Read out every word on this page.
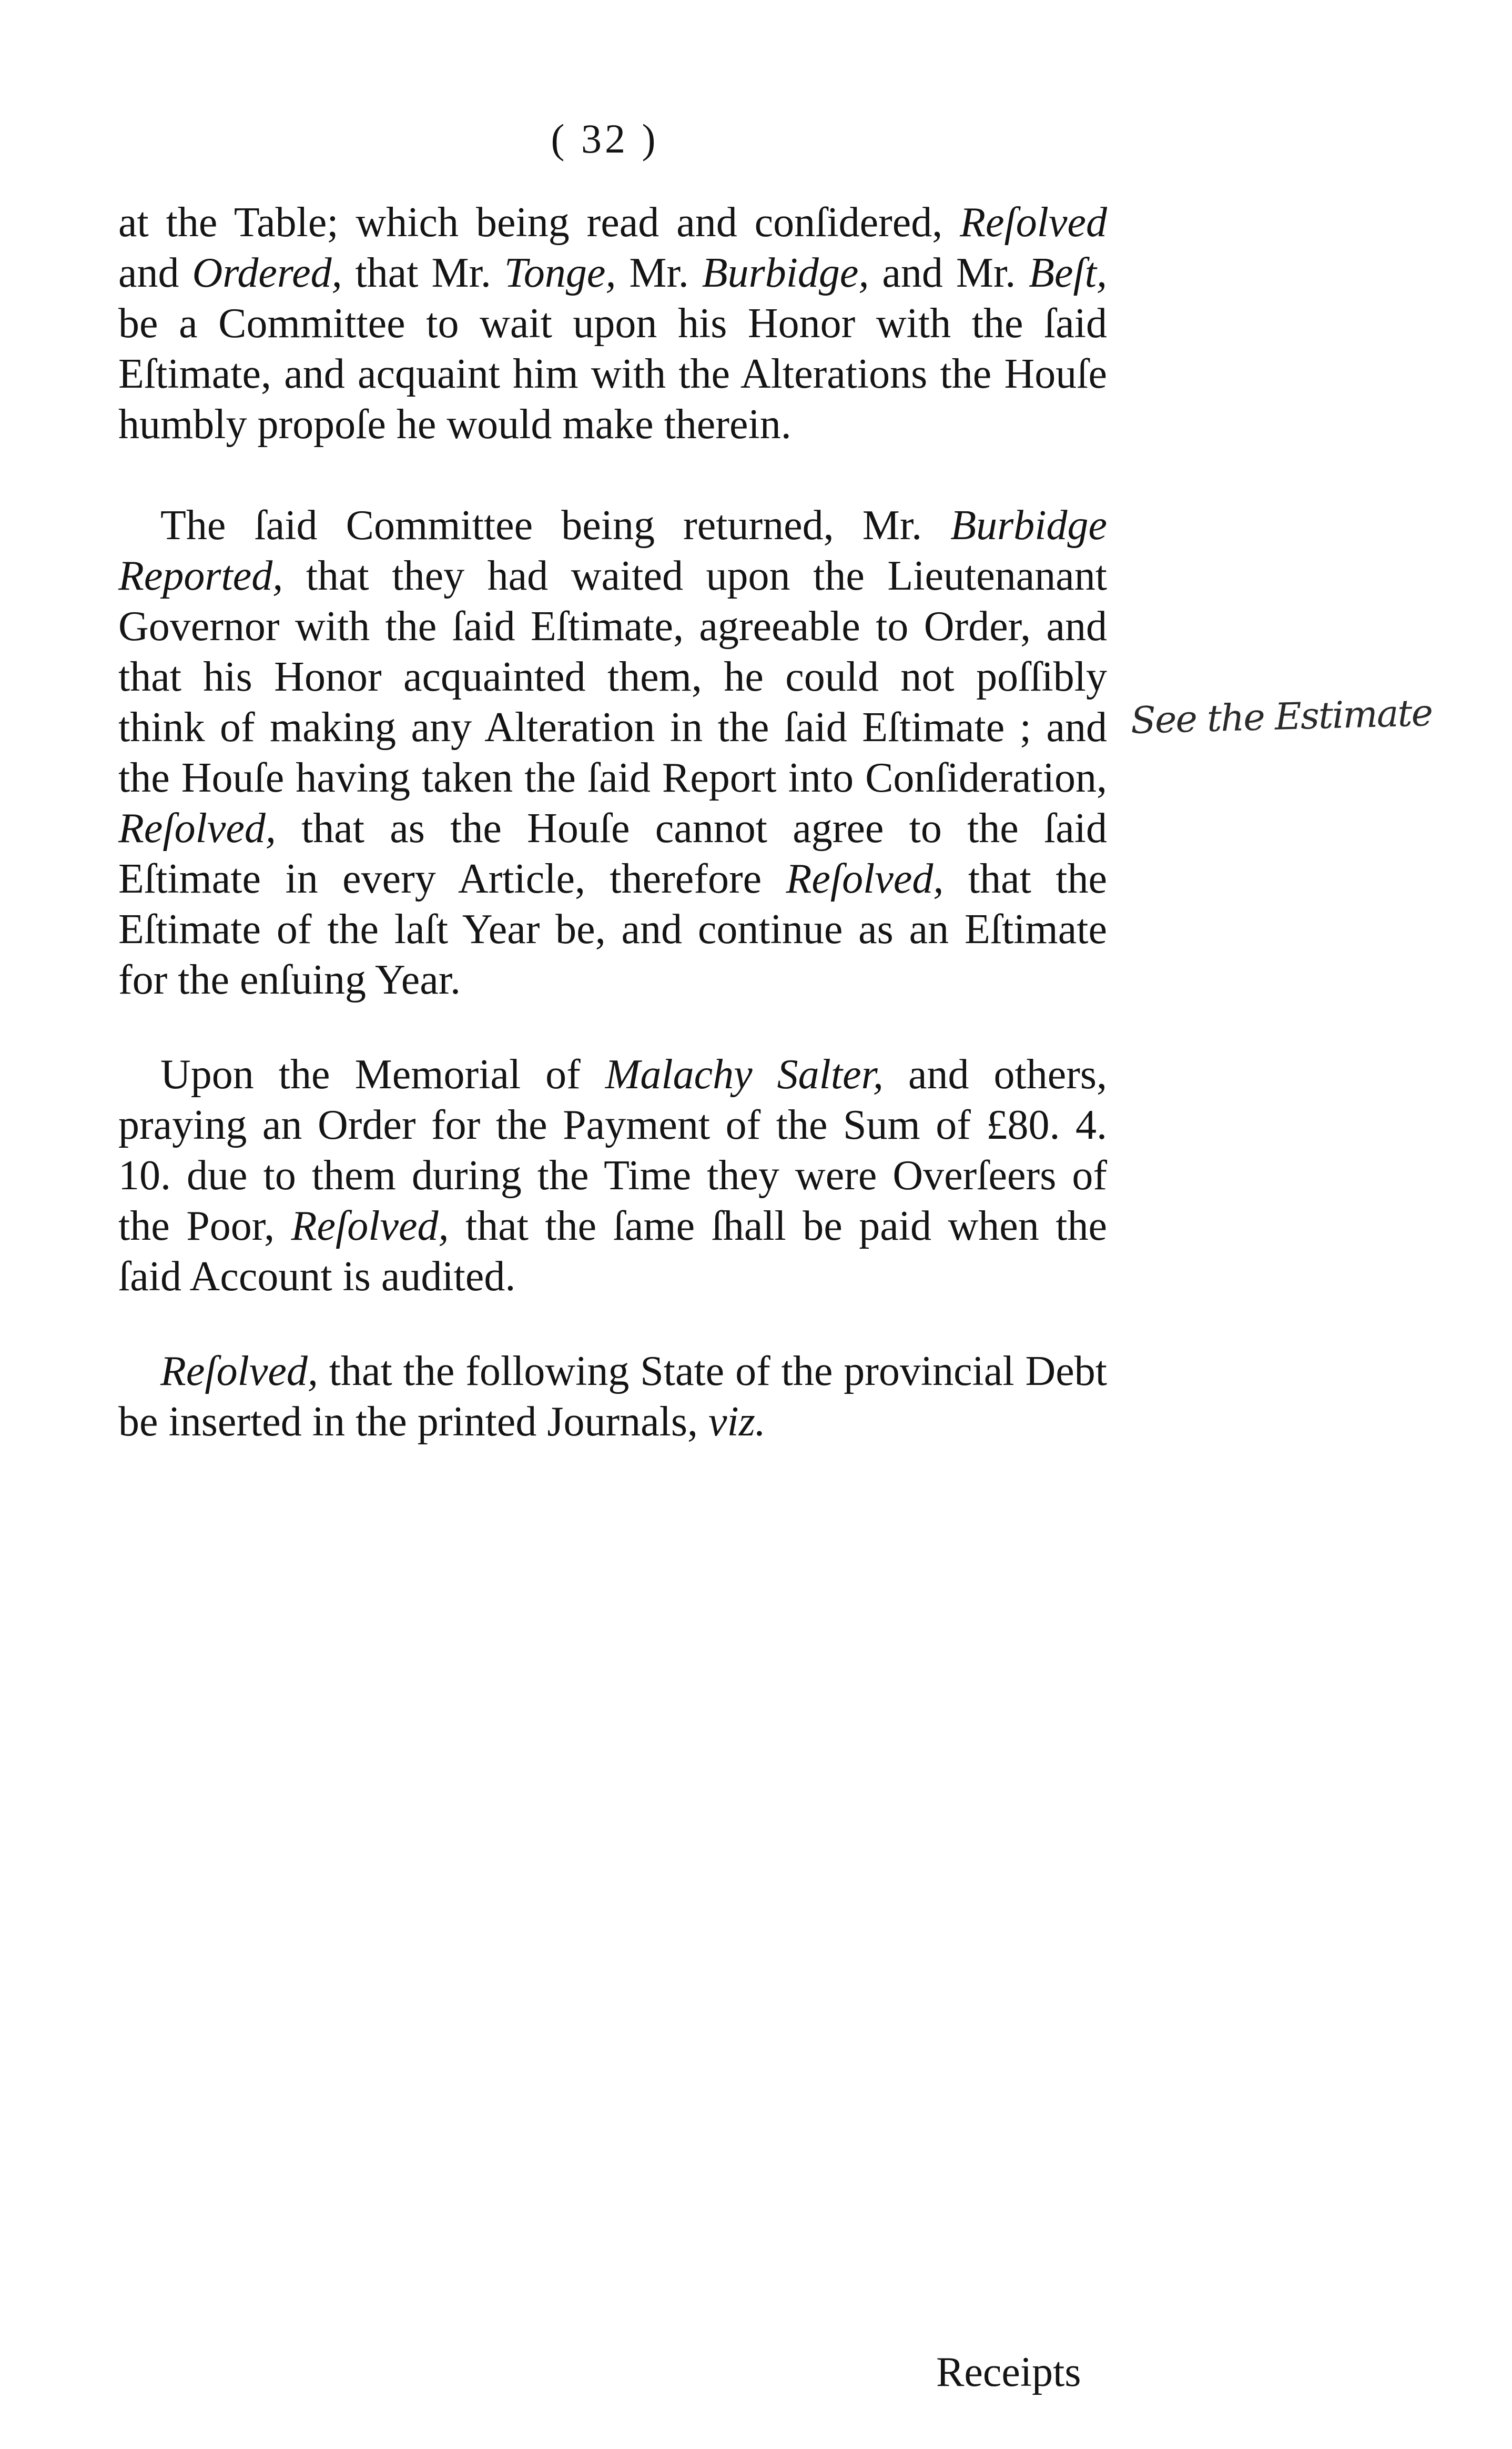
( 32 )

at the Table; which being read and conſidered, Reſolved and Ordered, that Mr. Tonge, Mr. Burbidge, and Mr. Beſt, be a Committee to wait upon his Honor with the ſaid Eſtimate, and acquaint him with the Alterations the Houſe humbly propoſe he would make therein.

The ſaid Committee being returned, Mr. Burbidge Reported, that they had waited upon the Lieutenanant Governor with the ſaid Eſtimate, agreeable to Order, and that his Honor acquainted them, he could not poſſibly think of making any Alteration in the ſaid Eſtimate ; and the Houſe having taken the ſaid Report into Conſideration, Reſolved, that as the Houſe cannot agree to the ſaid Eſtimate in every Article, therefore Reſolved, that the Eſtimate of the laſt Year be, and continue as an Eſtimate for the enſuing Year.

Upon the Memorial of Malachy Salter, and others, praying an Order for the Payment of the Sum of £80. 4. 10. due to them during the Time they were Overſeers of the Poor, Reſolved, that the ſame ſhall be paid when the ſaid Account is audited.

Reſolved, that the following State of the provincial Debt be inserted in the printed Journals, viz.

See the Estimate
Receipts
